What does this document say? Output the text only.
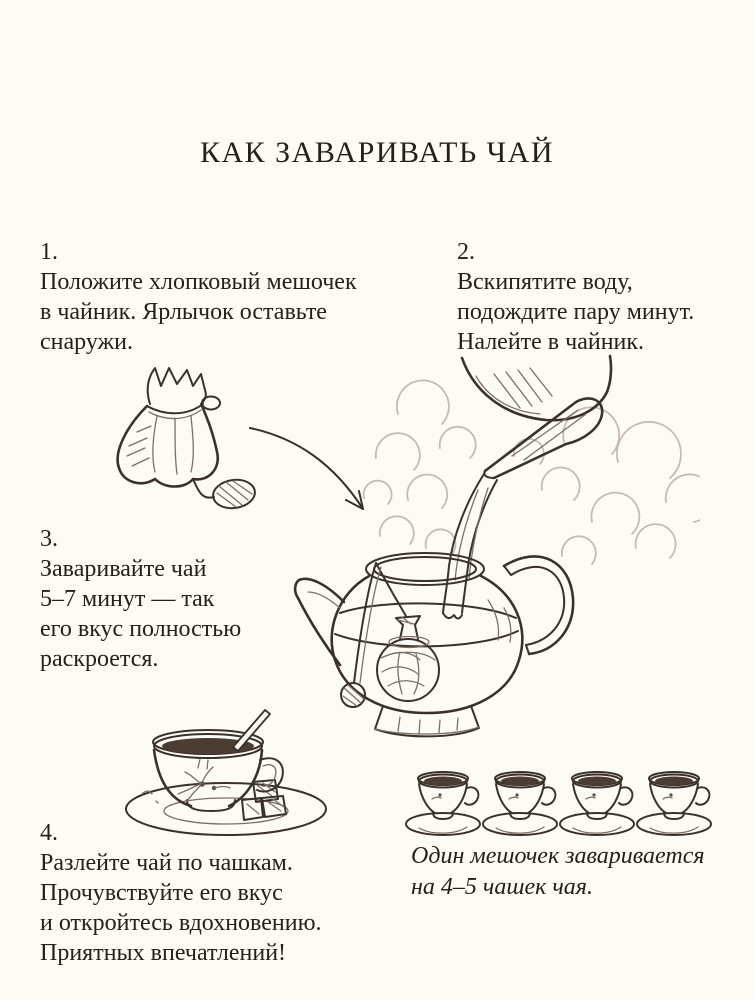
КАК ЗАВАРИВАТЬ ЧАЙ
1.
Положите хлопковый мешочек
в чайник. Ярлычок оставьте
снаружи.
2.
Вскипятите воду,
подождите пару минут.
Налейте в чайник.
3.
Заваривайте чай
5–7 минут — так
его вкус полностью
раскроется.
4.
Разлейте чай по чашкам.
Прочувствуйте его вкус
и откройтесь вдохновению.
Приятных впечатлений!
Один мешочек заваривается
на 4–5 чашек чая.
